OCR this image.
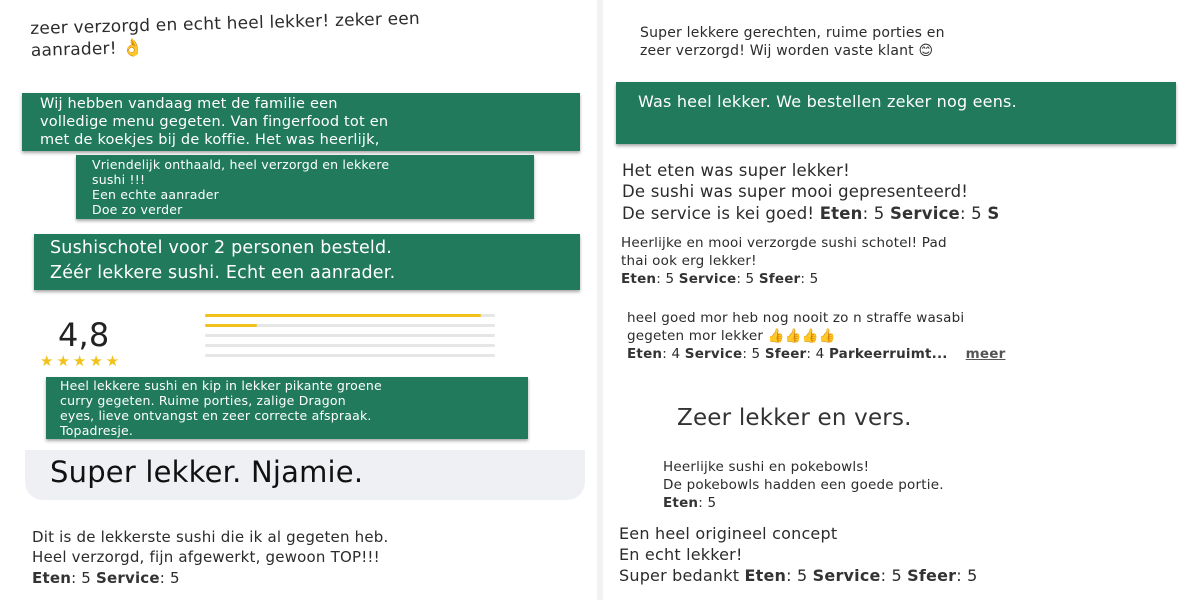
zeer verzorgd en echt heel lekker! zeker een
aanrader! 👌
Wij hebben vandaag met de familie een
volledige menu gegeten. Van fingerfood tot en
met de koekjes bij de koffie. Het was heerlijk,
Vriendelijk onthaald, heel verzorgd en lekkere
sushi !!!
Een echte aanrader
Doe zo verder
Sushischotel voor 2 personen besteld.
Zéér lekkere sushi. Echt een aanrader.
4,8
★★★★★
Heel lekkere sushi en kip in lekker pikante groene
curry gegeten. Ruime porties, zalige Dragon
eyes, lieve ontvangst en zeer correcte afspraak.
Topadresje.
Super lekker. Njamie.
Dit is de lekkerste sushi die ik al gegeten heb.
Heel verzorgd, fijn afgewerkt, gewoon TOP!!!
Eten: 5 Service: 5
Super lekkere gerechten, ruime porties en
zeer verzorgd! Wij worden vaste klant 😊
Was heel lekker. We bestellen zeker nog eens.
Het eten was super lekker!
De sushi was super mooi gepresenteerd!
De service is kei goed! Eten: 5 Service: 5 S
Heerlijke en mooi verzorgde sushi schotel! Pad
thai ook erg lekker!
Eten: 5 Service: 5 Sfeer: 5
heel goed mor heb nog nooit zo n straffe wasabi
gegeten mor lekker 👍👍👍👍
Eten: 4 Service: 5 Sfeer: 4 Parkeerruimt... meer
Zeer lekker en vers.
Heerlijke sushi en pokebowls!
De pokebowls hadden een goede portie.
Eten: 5
Een heel origineel concept
En echt lekker!
Super bedankt Eten: 5 Service: 5 Sfeer: 5
